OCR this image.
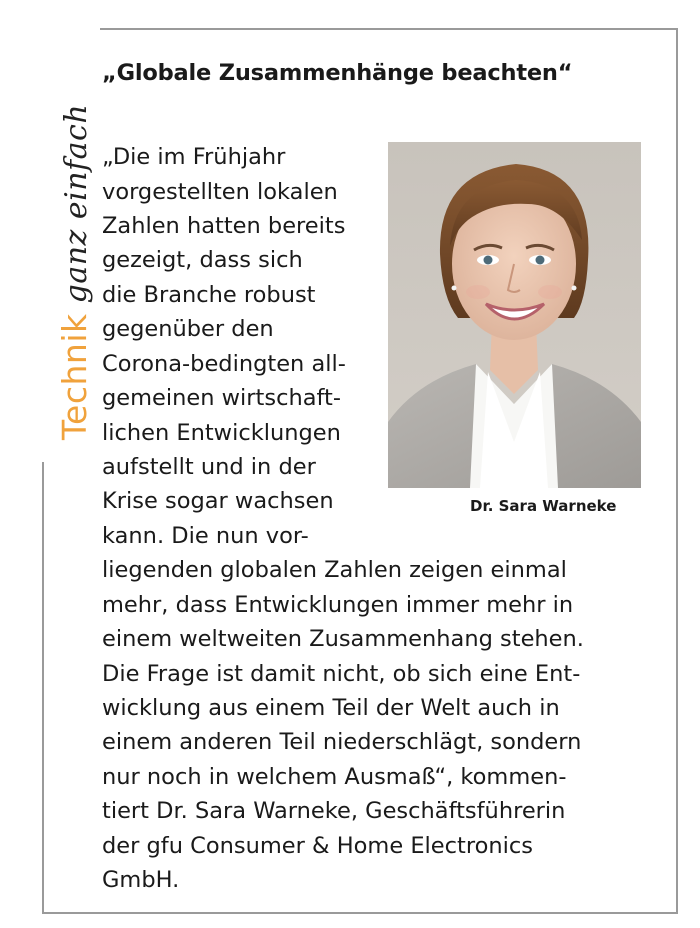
Technikganz einfach
„Globale Zusammenhänge beachten“
Dr. Sara Warneke
„Die im Frühjahr
vorgestellten lokalen
Zahlen hatten bereits
gezeigt, dass sich
die Branche robust
gegenüber den
Corona-bedingten all-
gemeinen wirtschaft-
lichen Entwicklungen
aufstellt und in der
Krise sogar wachsen
kann. Die nun vor-
liegenden globalen Zahlen zeigen einmal
mehr, dass Entwicklungen immer mehr in
einem weltweiten Zusammenhang stehen.
Die Frage ist damit nicht, ob sich eine Ent-
wicklung aus einem Teil der Welt auch in
einem anderen Teil niederschlägt, sondern
nur noch in welchem Ausmaß“, kommen-
tiert Dr. Sara Warneke, Geschäftsführerin
der gfu Consumer & Home Electronics
GmbH.
